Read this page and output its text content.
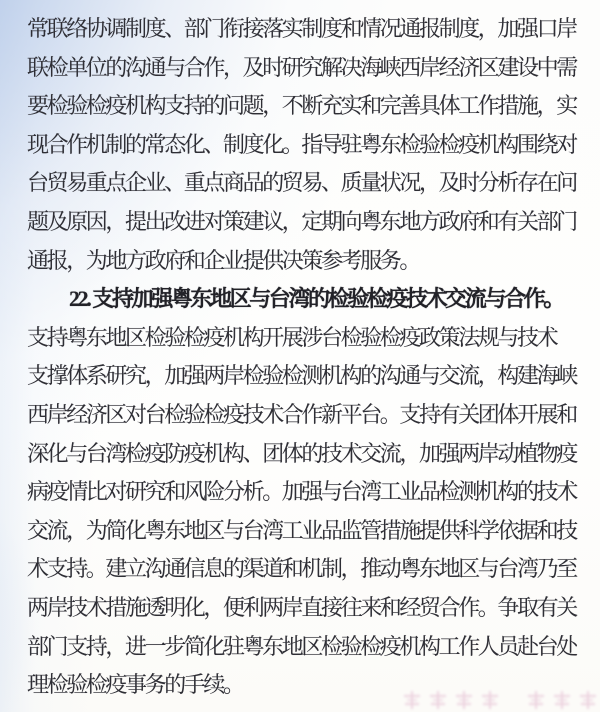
常联络协调制度、部门衔接落实制度和情况通报制度，加强口岸
联检单位的沟通与合作，及时研究解决海峡西岸经济区建设中需
要检验检疫机构支持的问题，不断充实和完善具体工作措施，实
现合作机制的常态化、制度化。指导驻粤东检验检疫机构围绕对
台贸易重点企业、重点商品的贸易、质量状况，及时分析存在问
题及原因，提出改进对策建议，定期向粤东地方政府和有关部门
通报，为地方政府和企业提供决策参考服务。
22. 支持加强粤东地区与台湾的检验检疫技术交流与合作。
支持粤东地区检验检疫机构开展涉台检验检疫政策法规与技术
支撑体系研究，加强两岸检验检测机构的沟通与交流，构建海峡
西岸经济区对台检验检疫技术合作新平台。支持有关团体开展和
深化与台湾检疫防疫机构、团体的技术交流，加强两岸动植物疫
病疫情比对研究和风险分析。加强与台湾工业品检测机构的技术
交流，为简化粤东地区与台湾工业品监管措施提供科学依据和技
术支持。建立沟通信息的渠道和机制，推动粤东地区与台湾乃至
两岸技术措施透明化，便利两岸直接往来和经贸合作。争取有关
部门支持，进一步简化驻粤东地区检验检疫机构工作人员赴台处
理检验检疫事务的手续。
